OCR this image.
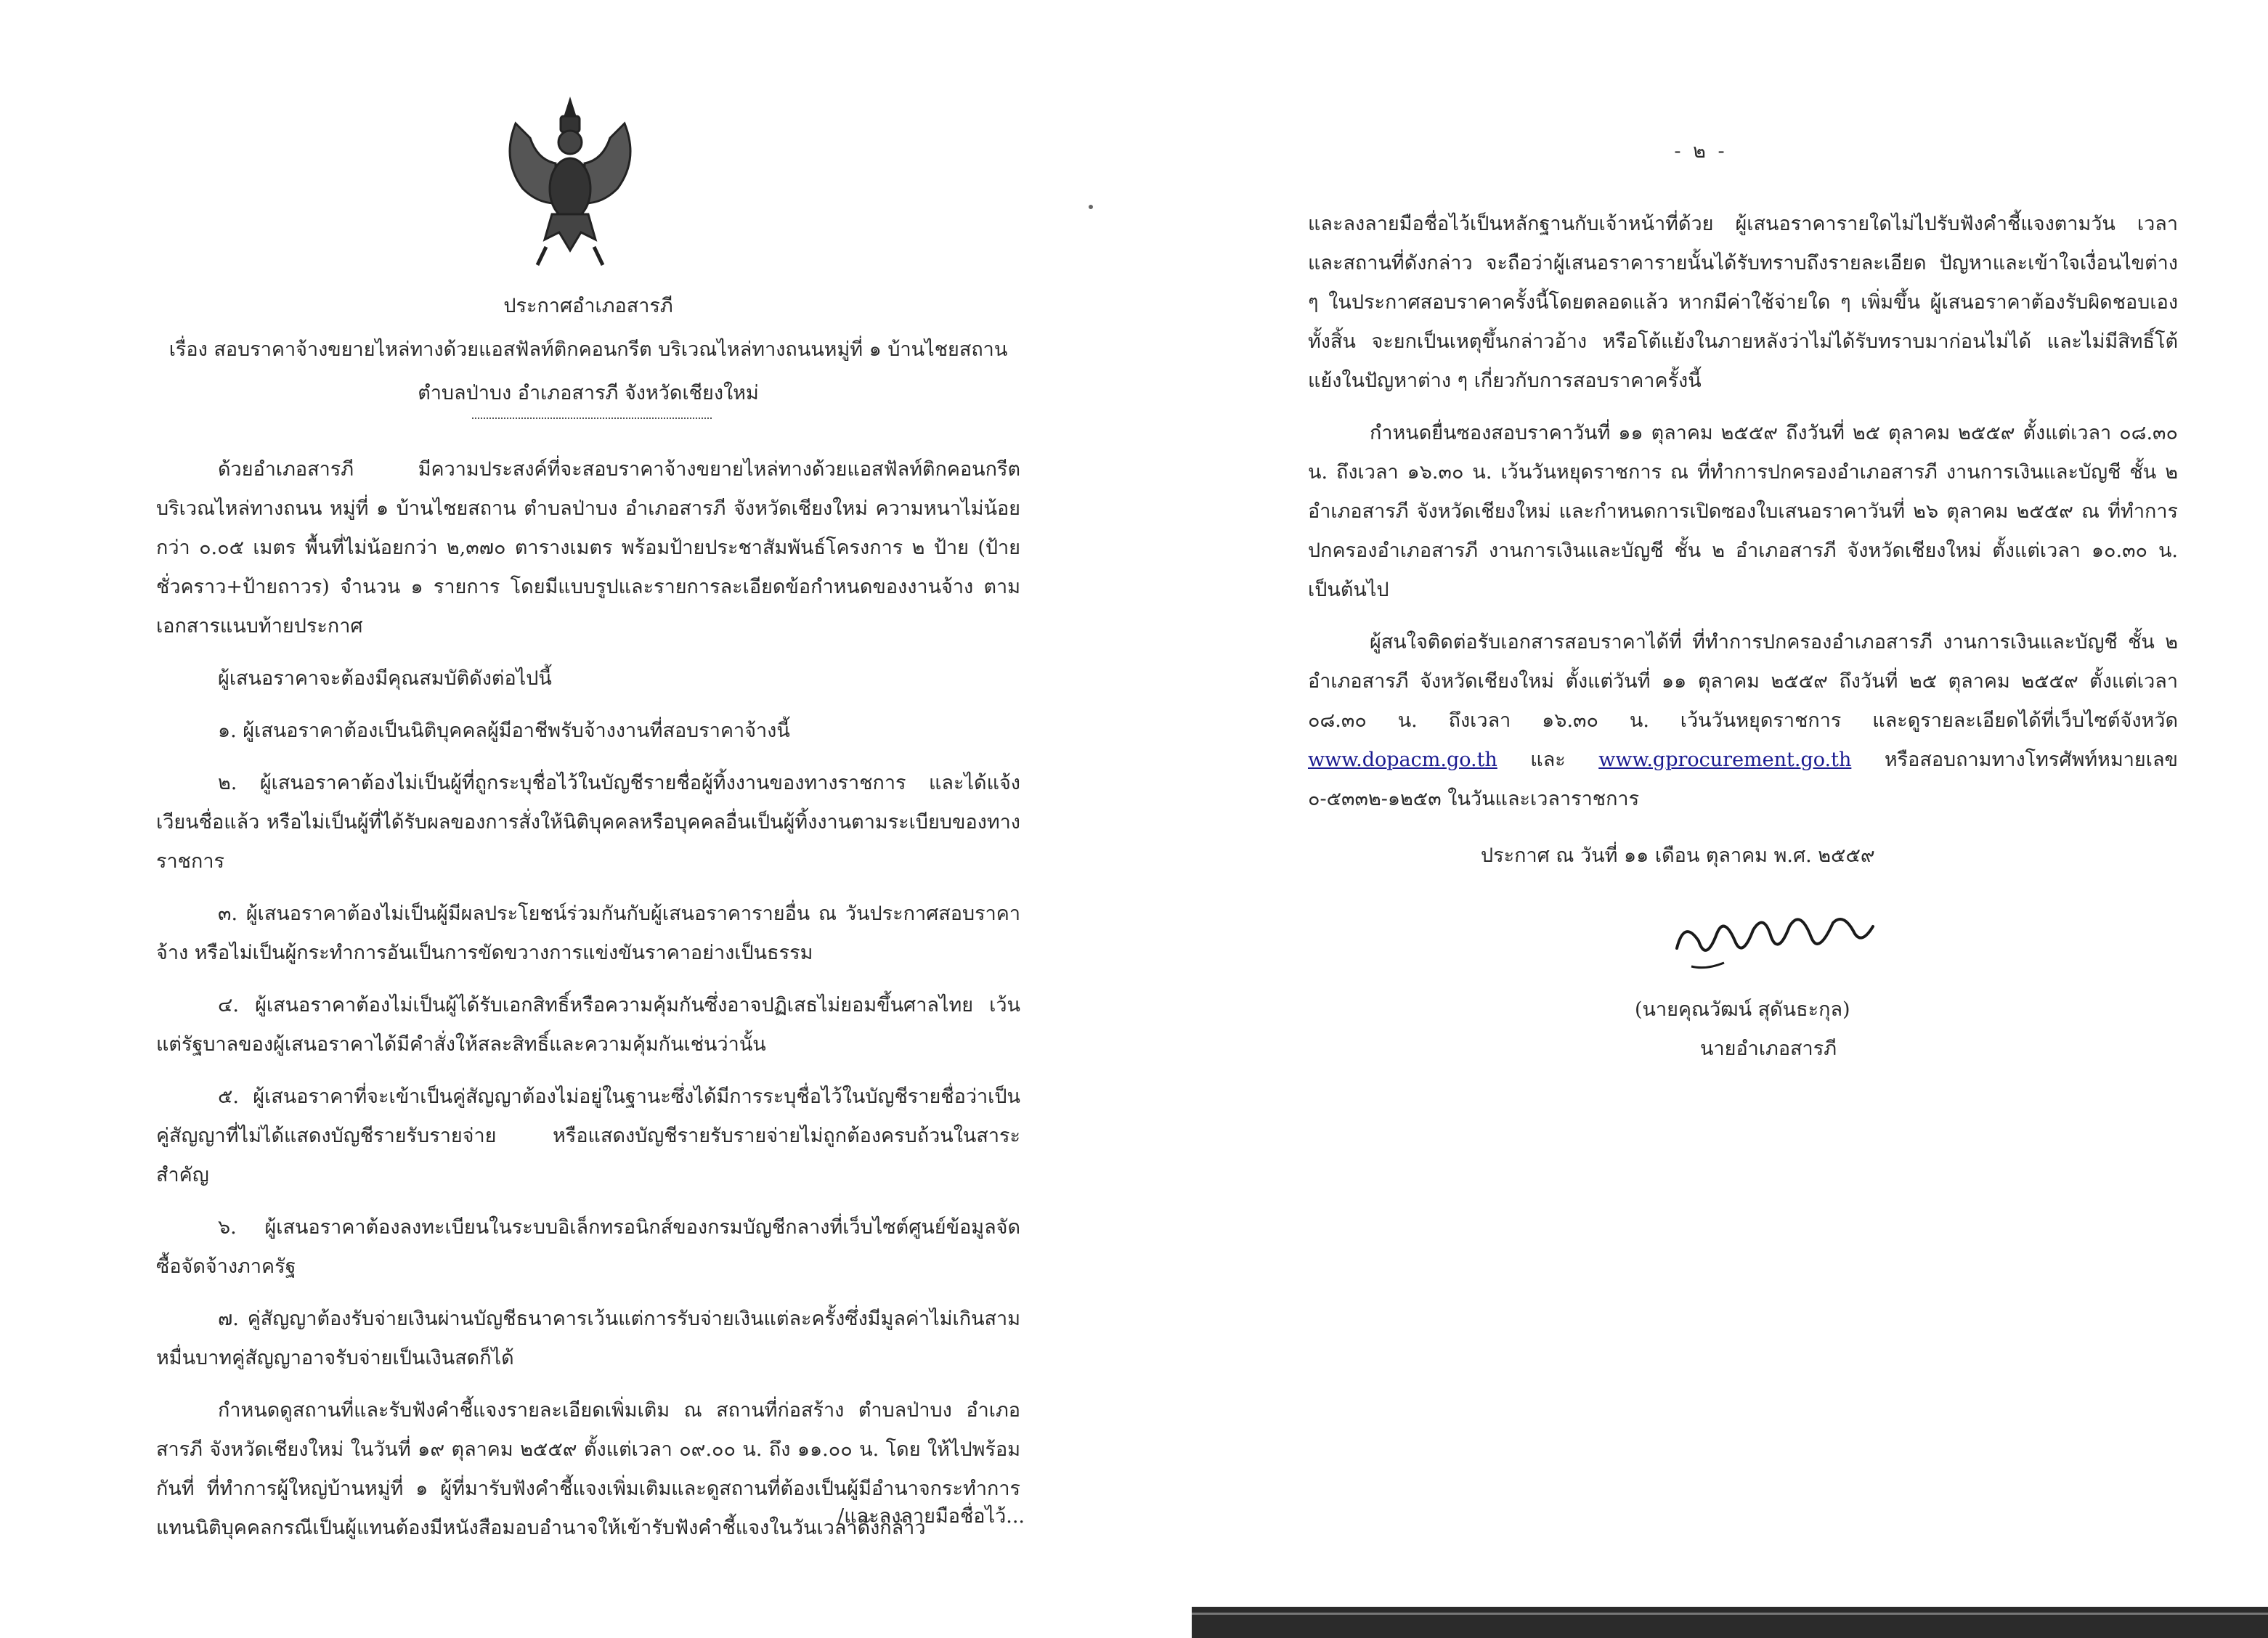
ประกาศอำเภอสารภี
เรื่อง สอบราคาจ้างขยายไหล่ทางด้วยแอสฟัลท์ติกคอนกรีต บริเวณไหล่ทางถนนหมู่ที่ ๑ บ้านไชยสถาน
ตำบลป่าบง อำเภอสารภี จังหวัดเชียงใหม่

ด้วยอำเภอสารภี มีความประสงค์ที่จะสอบราคาจ้างขยายไหล่ทางด้วยแอสฟัลท์ติกคอนกรีต บริเวณไหล่ทางถนน หมู่ที่ ๑ บ้านไชยสถาน ตำบลป่าบง อำเภอสารภี จังหวัดเชียงใหม่ ความหนาไม่น้อยกว่า ๐.๐๕ เมตร พื้นที่ไม่น้อยกว่า ๒,๓๗๐ ตารางเมตร พร้อมป้ายประชาสัมพันธ์โครงการ ๒ ป้าย (ป้ายชั่วคราว+ป้ายถาวร) จำนวน ๑ รายการ โดยมีแบบรูปและรายการละเอียดข้อกำหนดของงานจ้าง ตามเอกสารแนบท้ายประกาศ

ผู้เสนอราคาจะต้องมีคุณสมบัติดังต่อไปนี้

๑. ผู้เสนอราคาต้องเป็นนิติบุคคลผู้มีอาชีพรับจ้างงานที่สอบราคาจ้างนี้

๒. ผู้เสนอราคาต้องไม่เป็นผู้ที่ถูกระบุชื่อไว้ในบัญชีรายชื่อผู้ทิ้งงานของทางราชการ และได้แจ้งเวียนชื่อแล้ว หรือไม่เป็นผู้ที่ได้รับผลของการสั่งให้นิติบุคคลหรือบุคคลอื่นเป็นผู้ทิ้งงานตามระเบียบของทางราชการ

๓. ผู้เสนอราคาต้องไม่เป็นผู้มีผลประโยชน์ร่วมกันกับผู้เสนอราคารายอื่น ณ วันประกาศสอบราคาจ้าง หรือไม่เป็นผู้กระทำการอันเป็นการขัดขวางการแข่งขันราคาอย่างเป็นธรรม

๔. ผู้เสนอราคาต้องไม่เป็นผู้ได้รับเอกสิทธิ์หรือความคุ้มกันซึ่งอาจปฏิเสธไม่ยอมขึ้นศาลไทย เว้นแต่รัฐบาลของผู้เสนอราคาได้มีคำสั่งให้สละสิทธิ์และความคุ้มกันเช่นว่านั้น

๕. ผู้เสนอราคาที่จะเข้าเป็นคู่สัญญาต้องไม่อยู่ในฐานะซึ่งได้มีการระบุชื่อไว้ในบัญชีรายชื่อว่าเป็นคู่สัญญาที่ไม่ได้แสดงบัญชีรายรับรายจ่าย หรือแสดงบัญชีรายรับรายจ่ายไม่ถูกต้องครบถ้วนในสาระสำคัญ

๖. ผู้เสนอราคาต้องลงทะเบียนในระบบอิเล็กทรอนิกส์ของกรมบัญชีกลางที่เว็บไซต์ศูนย์ข้อมูลจัดซื้อจัดจ้างภาครัฐ

๗. คู่สัญญาต้องรับจ่ายเงินผ่านบัญชีธนาคารเว้นแต่การรับจ่ายเงินแต่ละครั้งซึ่งมีมูลค่าไม่เกินสามหมื่นบาทคู่สัญญาอาจรับจ่ายเป็นเงินสดก็ได้

กำหนดดูสถานที่และรับฟังคำชี้แจงรายละเอียดเพิ่มเติม ณ สถานที่ก่อสร้าง ตำบลป่าบง อำเภอสารภี จังหวัดเชียงใหม่ ในวันที่ ๑๙ ตุลาคม ๒๕๕๙ ตั้งแต่เวลา ๐๙.๐๐ น. ถึง ๑๑.๐๐ น. โดย ให้ไปพร้อมกันที่ ที่ทำการผู้ใหญ่บ้านหมู่ที่ ๑ ผู้ที่มารับฟังคำชี้แจงเพิ่มเติมและดูสถานที่ต้องเป็นผู้มีอำนาจกระทำการแทนนิติบุคคลกรณีเป็นผู้แทนต้องมีหนังสือมอบอำนาจให้เข้ารับฟังคำชี้แจงในวันเวลาดังกล่าว

/และลงลายมือชื่อไว้...
- ๒ -

และลงลายมือชื่อไว้เป็นหลักฐานกับเจ้าหน้าที่ด้วย ผู้เสนอราคารายใดไม่ไปรับฟังคำชี้แจงตามวัน เวลา และสถานที่ดังกล่าว จะถือว่าผู้เสนอราคารายนั้นได้รับทราบถึงรายละเอียด ปัญหาและเข้าใจเงื่อนไขต่าง ๆ ในประกาศสอบราคาครั้งนี้โดยตลอดแล้ว หากมีค่าใช้จ่ายใด ๆ เพิ่มขึ้น ผู้เสนอราคาต้องรับผิดชอบเองทั้งสิ้น จะยกเป็นเหตุขึ้นกล่าวอ้าง หรือโต้แย้งในภายหลังว่าไม่ได้รับทราบมาก่อนไม่ได้ และไม่มีสิทธิ์โต้แย้งในปัญหาต่าง ๆ เกี่ยวกับการสอบราคาครั้งนี้

กำหนดยื่นซองสอบราคาวันที่ ๑๑ ตุลาคม ๒๕๕๙ ถึงวันที่ ๒๕ ตุลาคม ๒๕๕๙ ตั้งแต่เวลา ๐๘.๓๐ น. ถึงเวลา ๑๖.๓๐ น. เว้นวันหยุดราชการ ณ ที่ทำการปกครองอำเภอสารภี งานการเงินและบัญชี ชั้น ๒ อำเภอสารภี จังหวัดเชียงใหม่ และกำหนดการเปิดซองใบเสนอราคาวันที่ ๒๖ ตุลาคม ๒๕๕๙ ณ ที่ทำการปกครองอำเภอสารภี งานการเงินและบัญชี ชั้น ๒ อำเภอสารภี จังหวัดเชียงใหม่ ตั้งแต่เวลา ๑๐.๓๐ น. เป็นต้นไป

ผู้สนใจติดต่อรับเอกสารสอบราคาได้ที่ ที่ทำการปกครองอำเภอสารภี งานการเงินและบัญชี ชั้น ๒ อำเภอสารภี จังหวัดเชียงใหม่ ตั้งแต่วันที่ ๑๑ ตุลาคม ๒๕๕๙ ถึงวันที่ ๒๕ ตุลาคม ๒๕๕๙ ตั้งแต่เวลา ๐๘.๓๐ น. ถึงเวลา ๑๖.๓๐ น. เว้นวันหยุดราชการ และดูรายละเอียดได้ที่เว็บไซต์จังหวัด www.dopacm.go.th และ www.gprocurement.go.th หรือสอบถามทางโทรศัพท์หมายเลข ๐-๕๓๓๒-๑๒๕๓ ในวันและเวลาราชการ

ประกาศ ณ วันที่ ๑๑ เดือน ตุลาคม พ.ศ. ๒๕๕๙
(นายคุณวัฒน์ สุดันธะกุล)
นายอำเภอสารภี
